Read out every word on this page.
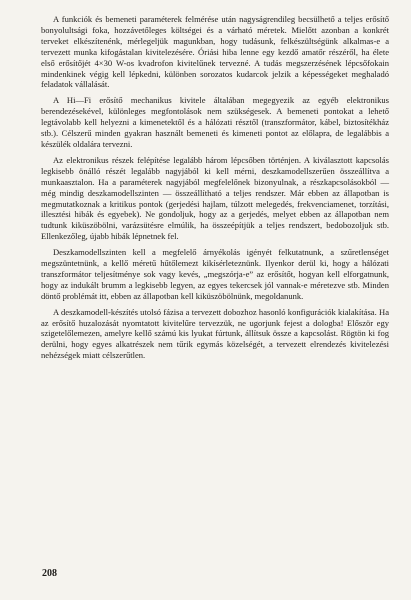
A funkciók és bemeneti paraméterek felmérése után nagyságrendileg becsülhető a teljes erősítő bonyolultsági foka, hozzávetőleges költségei és a várható méretek. Mielőtt azonban a konkrét terveket elkészítenénk, mérlegeljük magunkban, hogy tudásunk, felkészültségünk alkalmas-e a tervezett munka kifogástalan kivitelezésére. Óriási hiba lenne egy kezdő amatőr részéről, ha élete első erősítőjét 4×30 W-os kvadrofon kivitelűnek tervezné. A tudás megszerzésének lépcsőfokain mindenkinek végig kell lépkedni, különben sorozatos kudarcok jelzik a képességeket meghaladó feladatok vállalását.

A Hi—Fi erősítő mechanikus kivitele általában megegyezik az egyéb elektronikus berendezésekével, különleges megfontolások nem szükségesek. A bemeneti pontokat a lehető legtávolabb kell helyezni a kimenetektől és a hálózati résztől (transzformátor, kábel, biztosítékház stb.). Célszerű minden gyakran használt bemeneti és kimeneti pontot az előlapra, de legalábbis a készülék oldalára tervezni.

Az elektronikus részek felépítése legalább három lépcsőben történjen. A kiválasztott kapcsolás legkisebb önálló részét legalább nagyjából ki kell mérni, deszkamodellszerűen összeállítva a munkaasztalon. Ha a paraméterek nagyjából megfelelőnek bizonyulnak, a részkapcsolásokból — még mindig deszkamodellszinten — összeállítható a teljes rendszer. Már ebben az állapotban is megmutatkoznak a kritikus pontok (gerjedési hajlam, túlzott melegedés, frekvenciamenet, torzítási, illesztési hibák és egyebek). Ne gondoljuk, hogy az a gerjedés, melyet ebben az állapotban nem tudtunk kiküszöbölni, varázsütésre elmúlik, ha összeépítjük a teljes rendszert, bedobozoljuk stb. Ellenkezőleg, újabb hibák lépnetnek fel.

Deszkamodellszinten kell a megfelelő árnyékolás igényét felkutatnunk, a szűretlenséget megszüntetnünk, a kellő méretű hűtőlemezt kikísérleteznünk. Ilyenkor derül ki, hogy a hálózati transzformátor teljesítménye sok vagy kevés, „megszórja-e” az erősítőt, hogyan kell elforgatnunk, hogy az indukált brumm a legkisebb legyen, az egyes tekercsek jól vannak-e méretezve stb. Minden döntő problémát itt, ebben az állapotban kell kiküszöbölnünk, megoldanunk.

A deszkamodell-készítés utolsó fázisa a tervezett dobozhoz hasonló konfigurációk kialakítása. Ha az erősítő huzalozását nyomtatott kivitelűre tervezzük, ne ugorjunk fejest a dologba! Először egy szigetelőlemezen, amelyre kellő számú kis lyukat fúrtunk, állítsuk össze a kapcsolást. Rögtön ki fog derülni, hogy egyes alkatrészek nem tűrik egymás közelségét, a tervezett elrendezés kivitelezési nehézségek miatt célszerűtlen.

208
